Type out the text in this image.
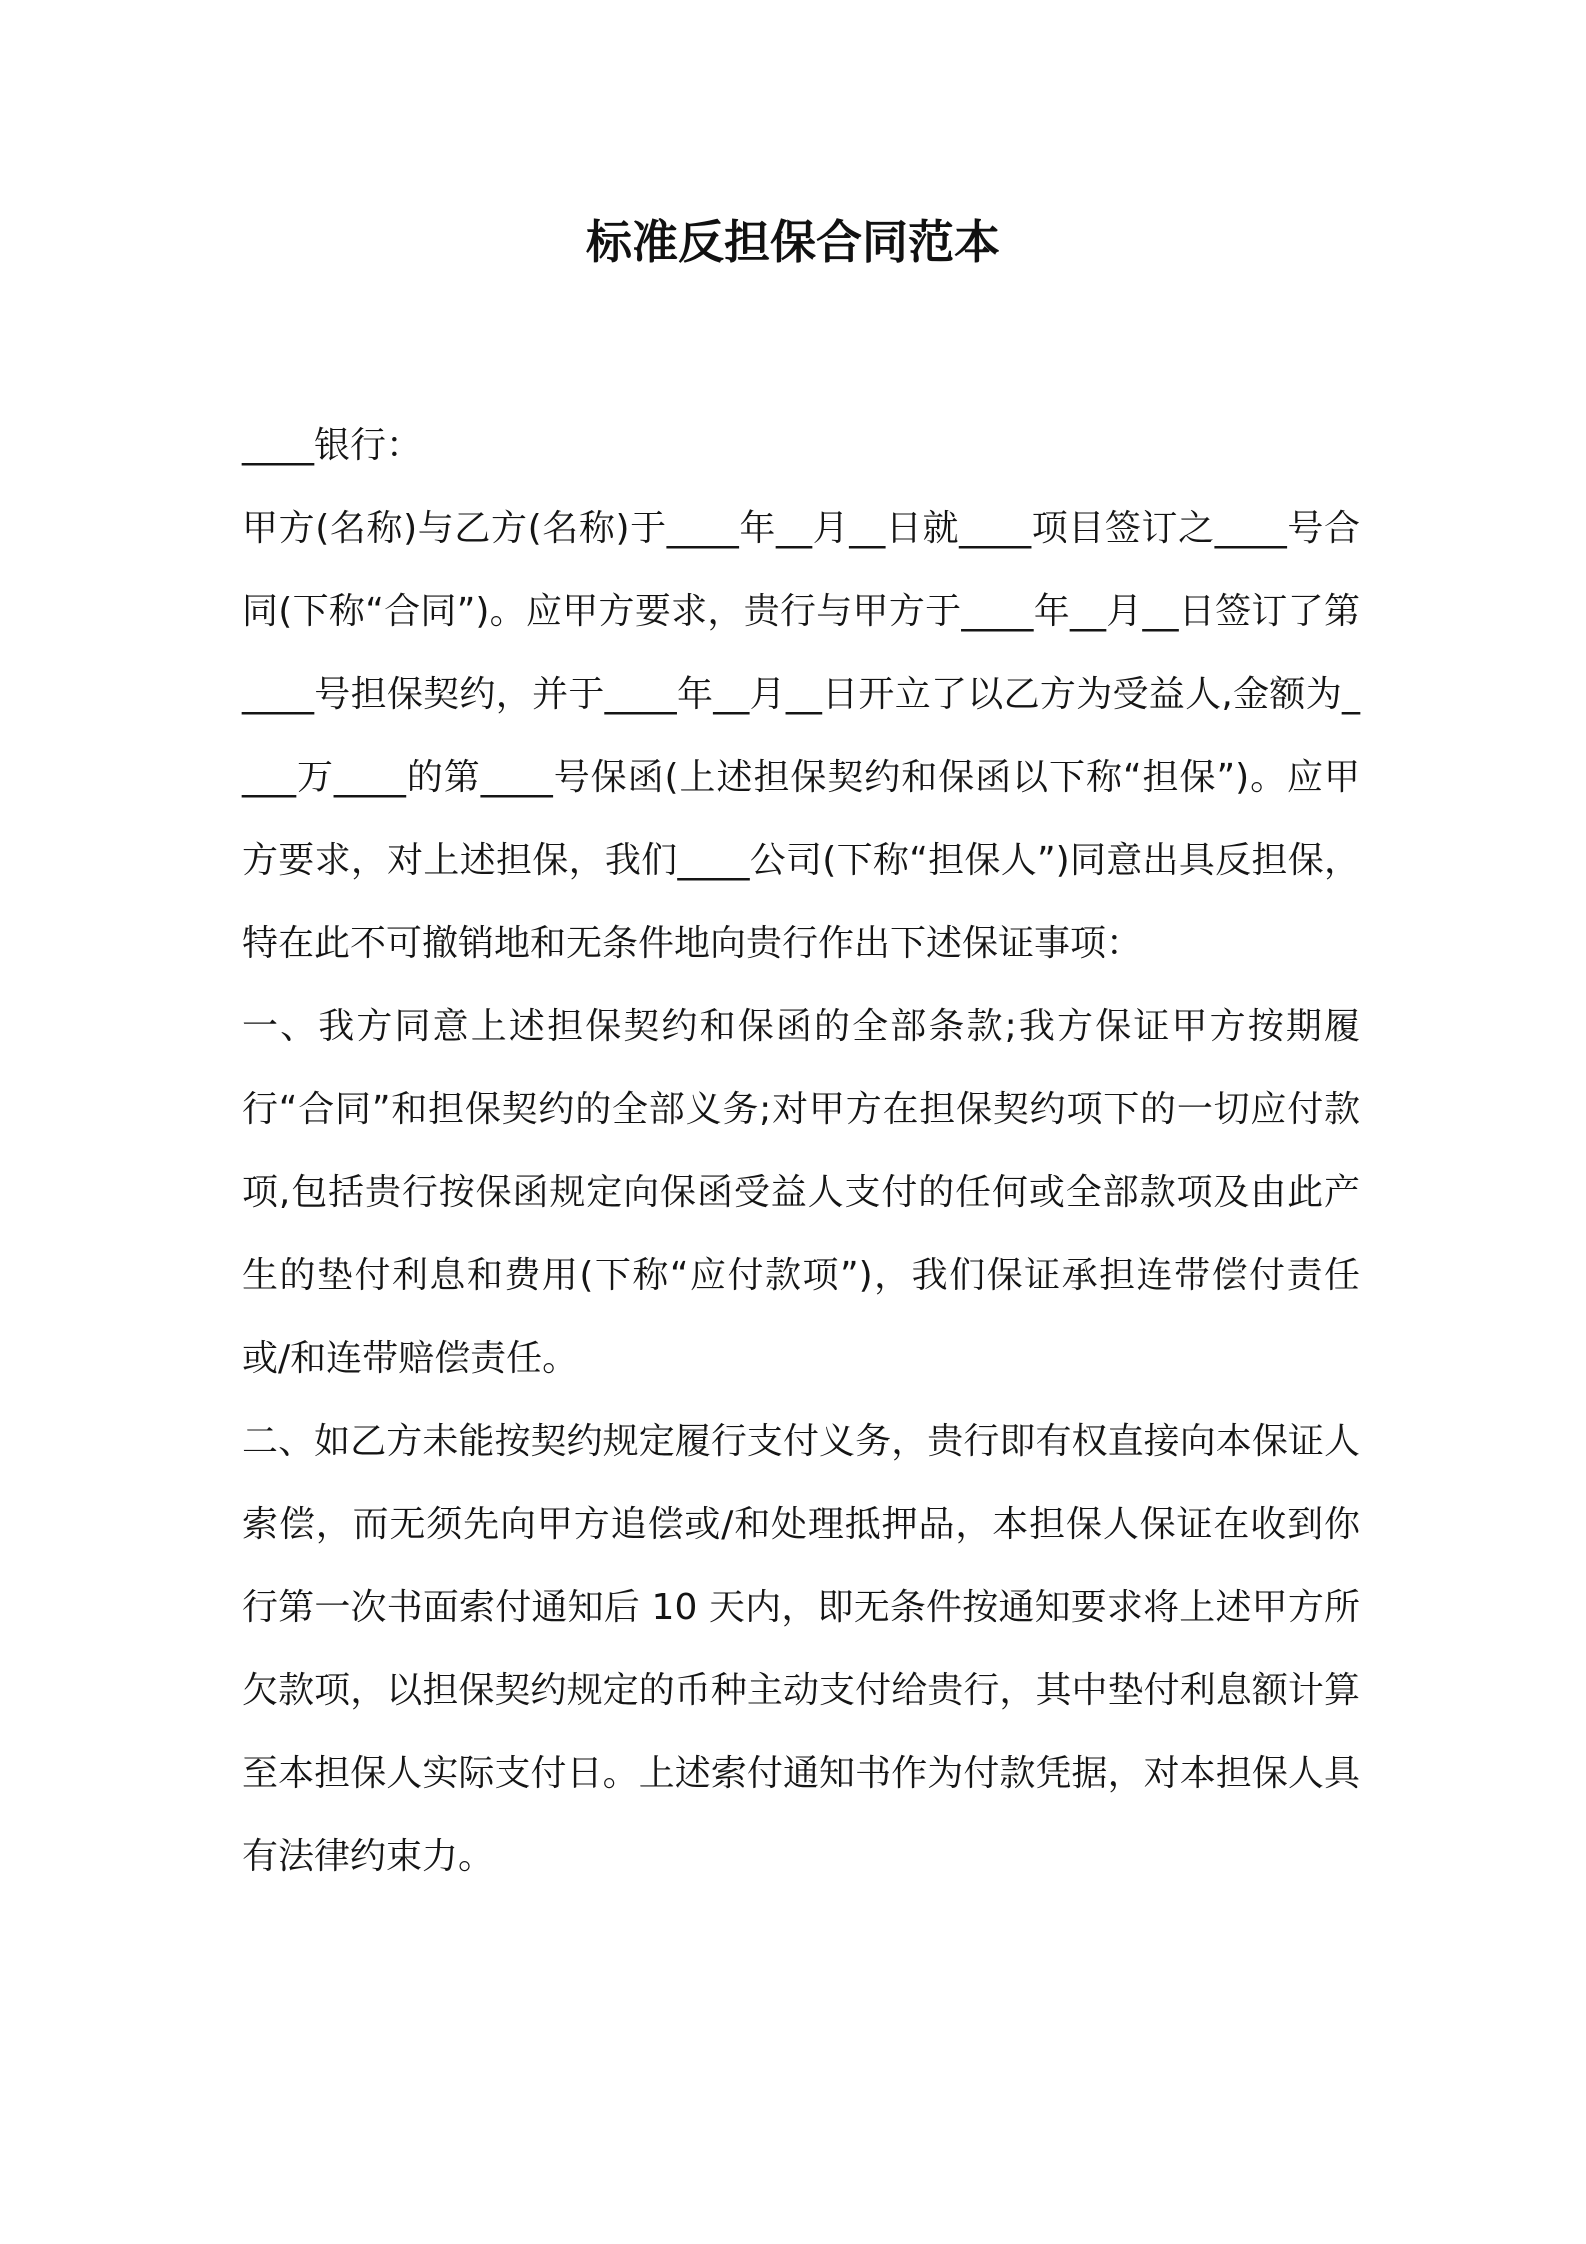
标准反担保合同范本

____银行：

甲方(名称)与乙方(名称)于____年__月__日就____项目签订之____号合同(下称“合同”)。应甲方要求，贵行与甲方于____年__月__日签订了第____号担保契约，并于____年__月__日开立了以乙方为受益人,金额为____万____的第____号保函(上述担保契约和保函以下称“担保”)。应甲方要求，对上述担保，我们____公司(下称“担保人”)同意出具反担保，特在此不可撤销地和无条件地向贵行作出下述保证事项：

一、我方同意上述担保契约和保函的全部条款;我方保证甲方按期履行“合同”和担保契约的全部义务;对甲方在担保契约项下的一切应付款项,包括贵行按保函规定向保函受益人支付的任何或全部款项及由此产生的垫付利息和费用(下称“应付款项”)，我们保证承担连带偿付责任或/和连带赔偿责任。

二、如乙方未能按契约规定履行支付义务，贵行即有权直接向本保证人索偿，而无须先向甲方追偿或/和处理抵押品，本担保人保证在收到你行第一次书面索付通知后 10 天内，即无条件按通知要求将上述甲方所欠款项，以担保契约规定的币种主动支付给贵行，其中垫付利息额计算至本担保人实际支付日。上述索付通知书作为付款凭据，对本担保人具有法律约束力。
